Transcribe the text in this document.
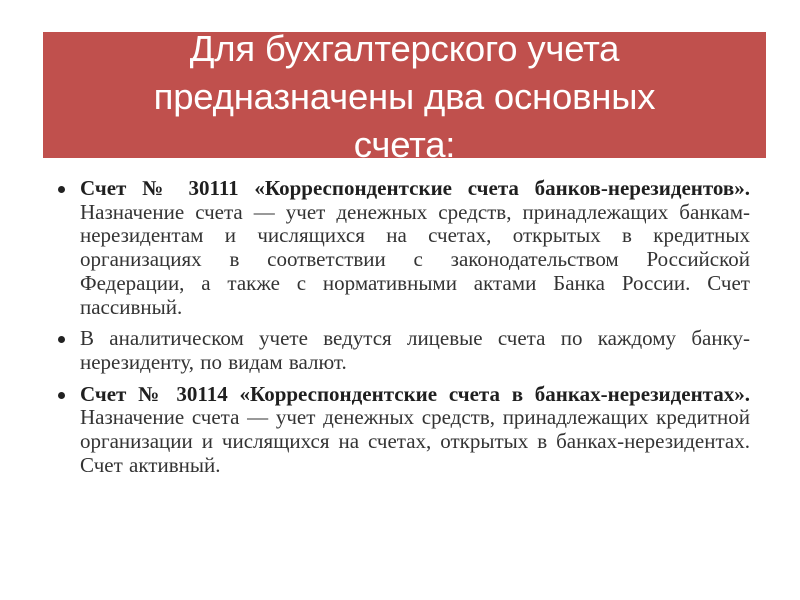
Для бухгалтерского учета
предназначены два основных
счета:
Счет № 30111 «Корреспондентские счета банков-нерезидентов». Назначение счета — учет денежных средств, принадлежащих банкам-нерезидентам и числящихся на счетах, открытых в кредитных организациях в соответствии с законодательством Российской Федерации, а также с нормативными актами Банка России. Счет пассивный.
В аналитическом учете ведутся лицевые счета по каждому банку-нерезиденту, по видам валют.
Счет № 30114 «Корреспондентские счета в банках-нерезидентах». Назначение счета — учет денежных средств, принадлежащих кредитной организации и числящихся на счетах, открытых в банках-нерезидентах. Счет активный.
